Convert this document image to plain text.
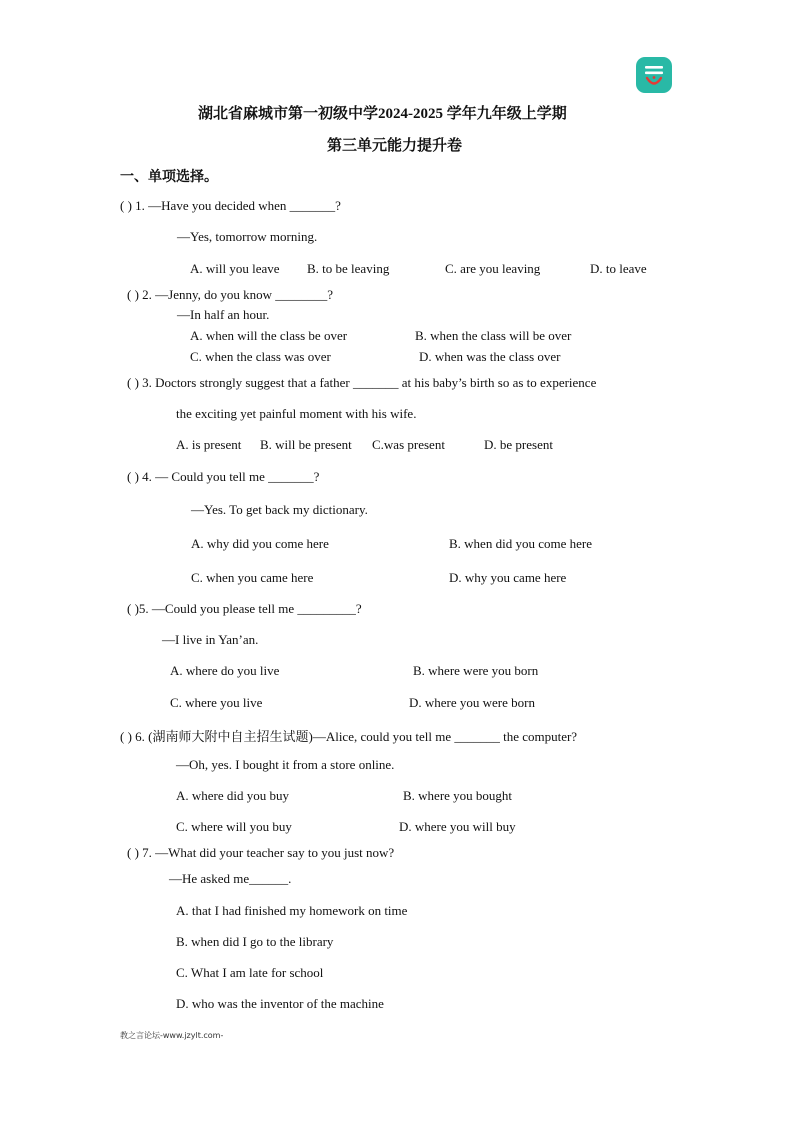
湖北省麻城市第一初级中学2024-2025 学年九年级上学期
第三单元能力提升卷
一、单项选择。
( ) 1. —Have you decided when _______?
—Yes, tomorrow morning.
A. will you leave B. to be leaving	C. are you leaving	D. to leave
( ) 2. —Jenny, do you know ________?
—In half an hour.
A. when will the class be over	B. when the class will be over
C. when the class was over	D. when was the class over
( ) 3. Doctors strongly suggest that a father _______ at his baby’s birth so as to experience
the exciting yet painful moment with his wife.
A. is present B. will be present C.was present	D. be present
( ) 4. — Could you tell me _______?
—Yes. To get back my dictionary.
A. why did you come here	B. when did you come here
C. when you came here	D. why you came here
( )5. —Could you please tell me _________?
—I live in Yan’an.
A. where do you live	B. where were you born
C. where you live	D. where you were born
( ) 6. (湖南师大附中自主招生试题)—Alice, could you tell me _______ the computer?
—Oh, yes. I bought it from a store online.
A. where did you buy	B. where you bought
C. where will you buy	D. where you will buy
( ) 7. —What did your teacher say to you just now?
—He asked me______.
A. that I had finished my homework on time
B. when did I go to the library
C. What I am late for school
D. who was the inventor of the machine
教之言论坛-www.jzylt.com-
